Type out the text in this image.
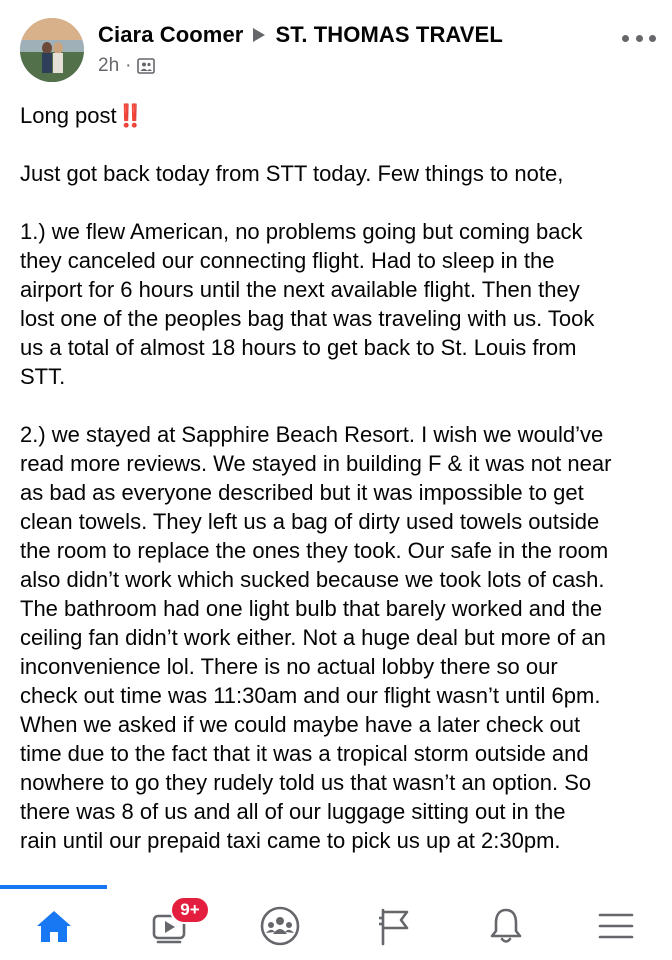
Ciara Coomer ST. THOMAS TRAVEL
2h ·

Long post‼️

Just got back today from STT today. Few things to note,

1.) we flew American, no problems going but coming back
they canceled our connecting flight. Had to sleep in the
airport for 6 hours until the next available flight. Then they
lost one of the peoples bag that was traveling with us. Took
us a total of almost 18 hours to get back to St. Louis from
STT.

2.) we stayed at Sapphire Beach Resort. I wish we would’ve
read more reviews. We stayed in building F & it was not near
as bad as everyone described but it was impossible to get
clean towels. They left us a bag of dirty used towels outside
the room to replace the ones they took. Our safe in the room
also didn’t work which sucked because we took lots of cash.
The bathroom had one light bulb that barely worked and the
ceiling fan didn’t work either. Not a huge deal but more of an
inconvenience lol. There is no actual lobby there so our
check out time was 11:30am and our flight wasn’t until 6pm.
When we asked if we could maybe have a later check out
time due to the fact that it was a tropical storm outside and
nowhere to go they rudely told us that wasn’t an option. So
there was 8 of us and all of our luggage sitting out in the
rain until our prepaid taxi came to pick us up at 2:30pm.

9+
